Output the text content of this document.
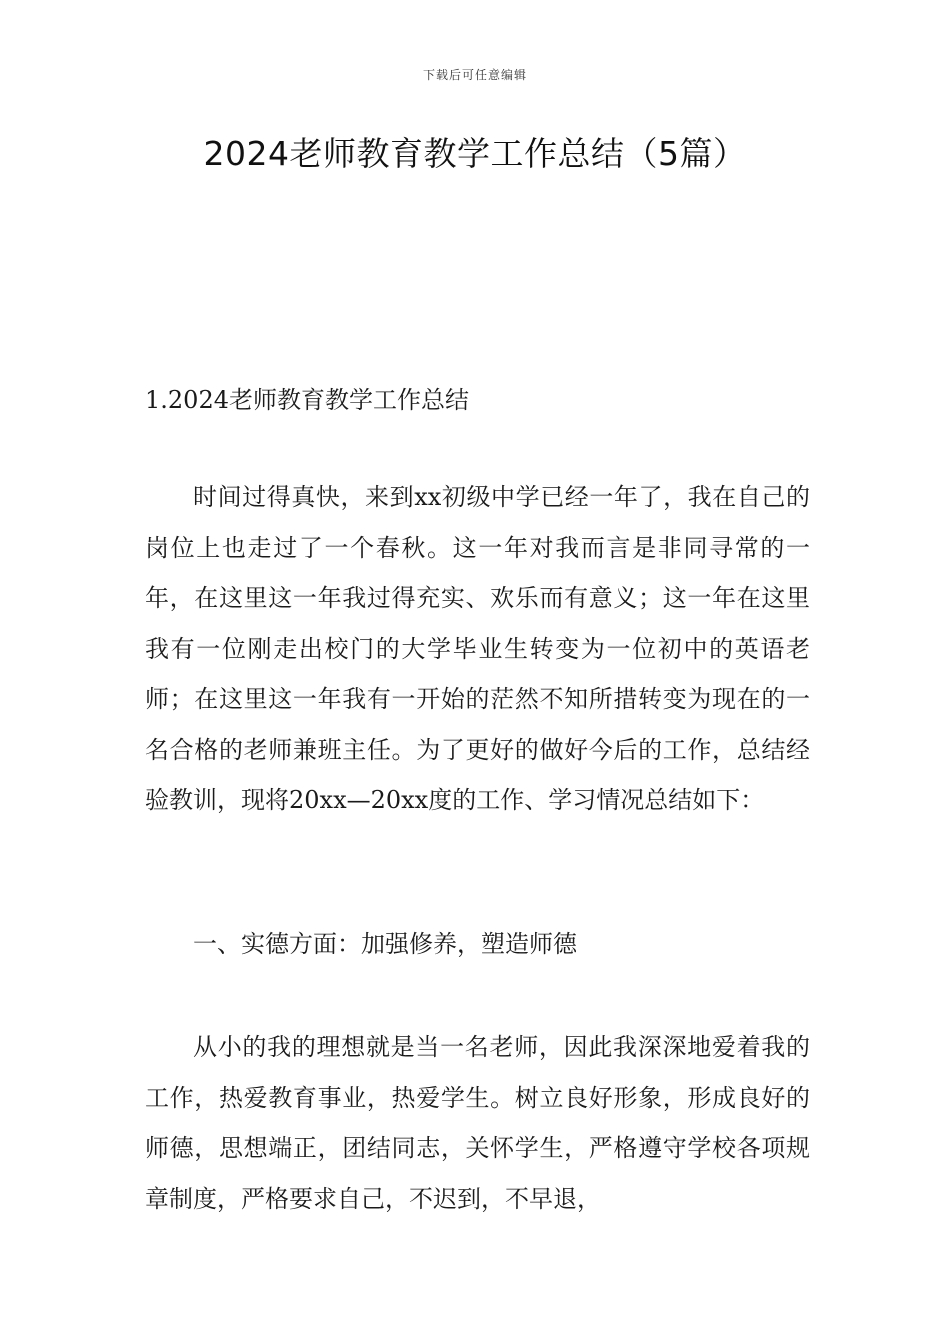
下载后可任意编辑
2024老师教育教学工作总结（5篇）
1.2024老师教育教学工作总结
时间过得真快，来到xx初级中学已经一年了，我在自己的岗位上也走过了一个春秋。这一年对我而言是非同寻常的一年，在这里这一年我过得充实、欢乐而有意义；这一年在这里我有一位刚走出校门的大学毕业生转变为一位初中的英语老师；在这里这一年我有一开始的茫然不知所措转变为现在的一名合格的老师兼班主任。为了更好的做好今后的工作，总结经验教训，现将20xx—20xx度的工作、学习情况总结如下：
一、实德方面：加强修养，塑造师德
从小的我的理想就是当一名老师，因此我深深地爱着我的工作，热爱教育事业，热爱学生。树立良好形象，形成良好的师德，思想端正，团结同志，关怀学生，严格遵守学校各项规章制度，严格要求自己，不迟到，不早退，
